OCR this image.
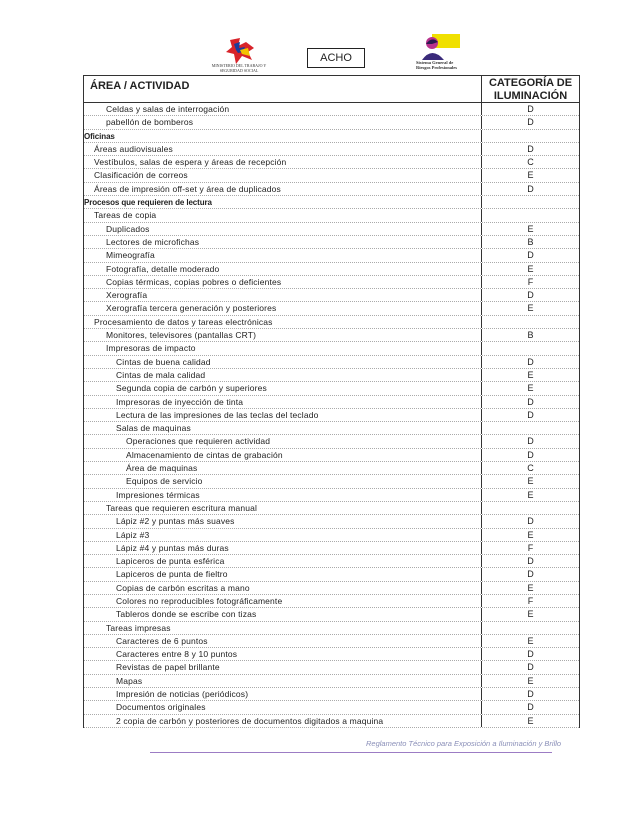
MINISTERIO DEL TRABAJO Y SEGURIDAD SOCIAL
ACHO	Sistema General de Riesgos Profesionales
ÁREA / ACTIVIDAD	CATEGORÍA DE ILUMINACIÓN
Celdas y salas de interrogación	D
pabellón de bomberos	D
Oficinas
Áreas audiovisuales	D
Vestíbulos, salas de espera y áreas de recepción	C
Clasificación de correos	E
Áreas de impresión off-set y área de duplicados	D
Procesos que requieren de lectura
Tareas de copia
Duplicados	E
Lectores de microfichas	B
Mimeografía	D
Fotografía, detalle moderado	E
Copias térmicas, copias pobres o deficientes	F
Xerografía	D
Xerografía tercera generación y posteriores	E
Procesamiento de datos y tareas electrónicas
Monitores, televisores (pantallas CRT)	B
Impresoras de impacto
Cintas de buena calidad	D
Cintas de mala calidad	E
Segunda copia de carbón y superiores	E
Impresoras de inyección de tinta	D
Lectura de las impresiones de las teclas del teclado	D
Salas de maquinas
Operaciones que requieren actividad	D
Almacenamiento de cintas de grabación	D
Área de maquinas	C
Equipos de servicio	E
Impresiones térmicas	E
Tareas que requieren escritura manual
Lápiz #2 y puntas más suaves	D
Lápiz #3	E
Lápiz #4 y puntas más duras	F
Lapiceros de punta esférica	D
Lapiceros de punta de fieltro	D
Copias de carbón escritas a mano	E
Colores no reproducibles fotográficamente	F
Tableros donde se escribe con tizas	E
Tareas impresas
Caracteres de 6 puntos	E
Caracteres entre 8 y 10 puntos	D
Revistas de papel brillante	D
Mapas	E
Impresión de noticias (periódicos)	D
Documentos originales	D
2 copia de carbón y posteriores de documentos digitados a maquina	E
Reglamento Técnico para Exposición a Iluminación y Brillo
